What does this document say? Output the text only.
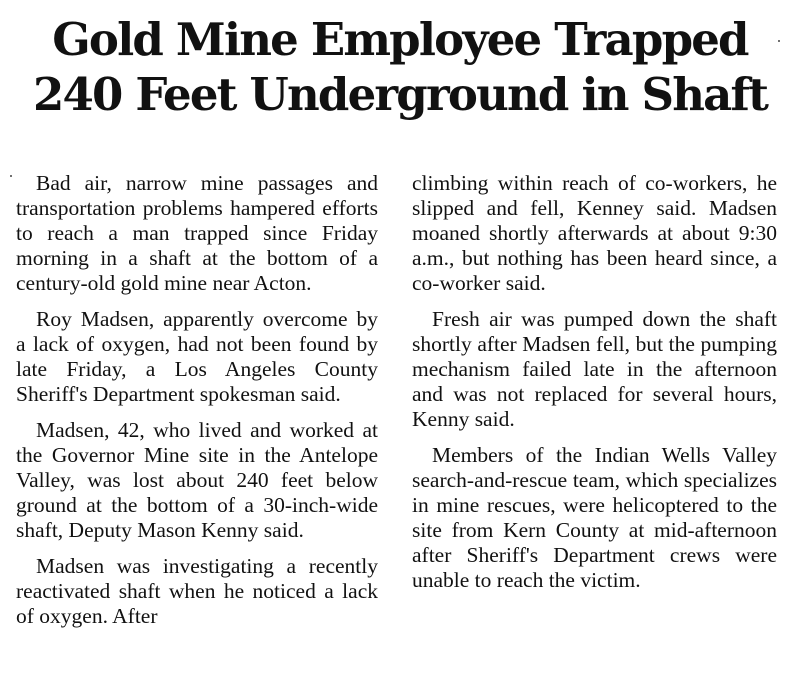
Gold Mine Employee Trapped
240 Feet Underground in Shaft

Bad air, narrow mine passages and transportation problems hampered efforts to reach a man trapped since Friday morning in a shaft at the bottom of a century-old gold mine near Acton.

Roy Madsen, apparently overcome by a lack of oxygen, had not been found by late Friday, a Los Angeles County Sheriff's Department spokesman said.

Madsen, 42, who lived and worked at the Governor Mine site in the Antelope Valley, was lost about 240 feet below ground at the bottom of a 30-inch-wide shaft, Deputy Mason Kenny said.

Madsen was investigating a recently reactivated shaft when he noticed a lack of oxygen. After

climbing within reach of co-workers, he slipped and fell, Kenney said. Madsen moaned shortly afterwards at about 9:30 a.m., but nothing has been heard since, a co-worker said.

Fresh air was pumped down the shaft shortly after Madsen fell, but the pumping mechanism failed late in the afternoon and was not replaced for several hours, Kenny said.

Members of the Indian Wells Valley search-and-rescue team, which specializes in mine rescues, were helicoptered to the site from Kern County at mid-afternoon after Sheriff's Department crews were unable to reach the victim.
